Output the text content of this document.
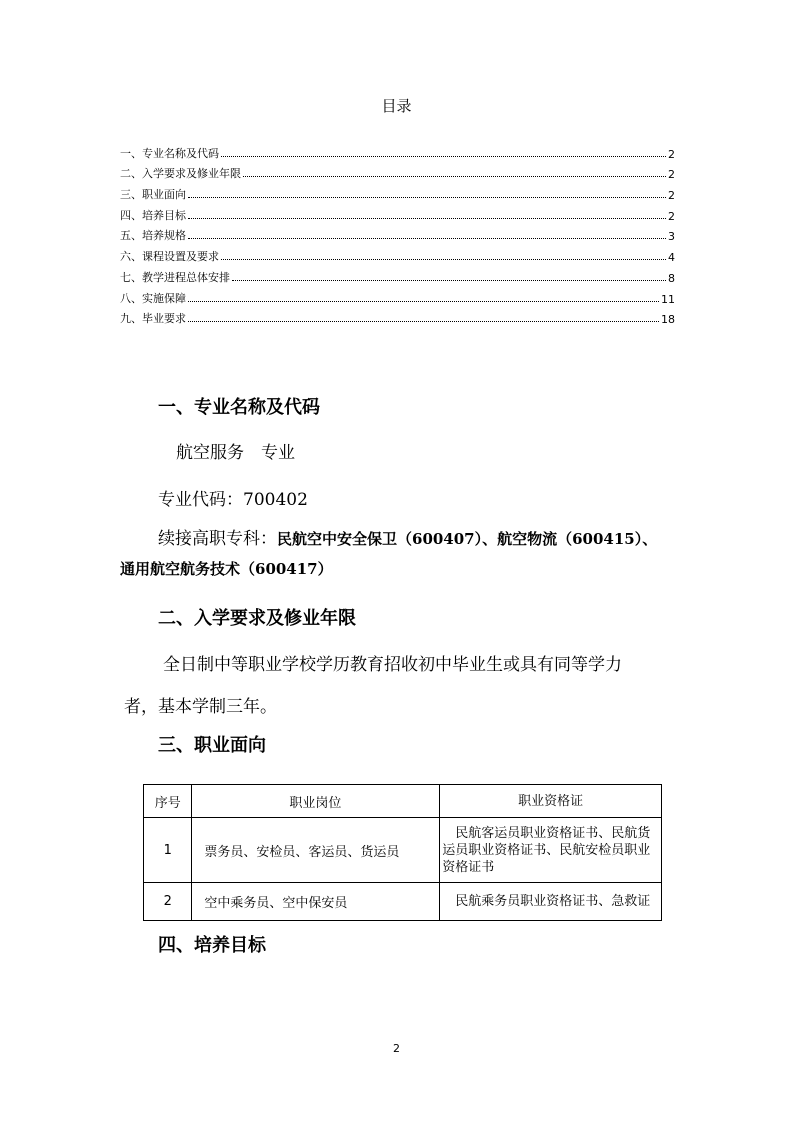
目录
一、专业名称及代码	2
二、入学要求及修业年限	2
三、职业面向	2
四、培养目标	2
五、培养规格	3
六、课程设置及要求	4
七、教学进程总体安排	8
八、实施保障	11
九、毕业要求	18
一、专业名称及代码
航空服务　专业
专业代码：700402
续接高职专科：民航空中安全保卫（600407）、航空物流（600415）、
通用航空航务技术（600417）
二、入学要求及修业年限
全日制中等职业学校学历教育招收初中毕业生或具有同等学力
者，基本学制三年。
三、职业面向
序号	职业岗位	职业资格证
1	票务员、安检员、客运员、货运员	　民航客运员职业资格证书、民航货
运员职业资格证书、民航安检员职业
资格证书

2	空中乘务员、空中保安员	　民航乘务员职业资格证书、急救证
四、培养目标
2
